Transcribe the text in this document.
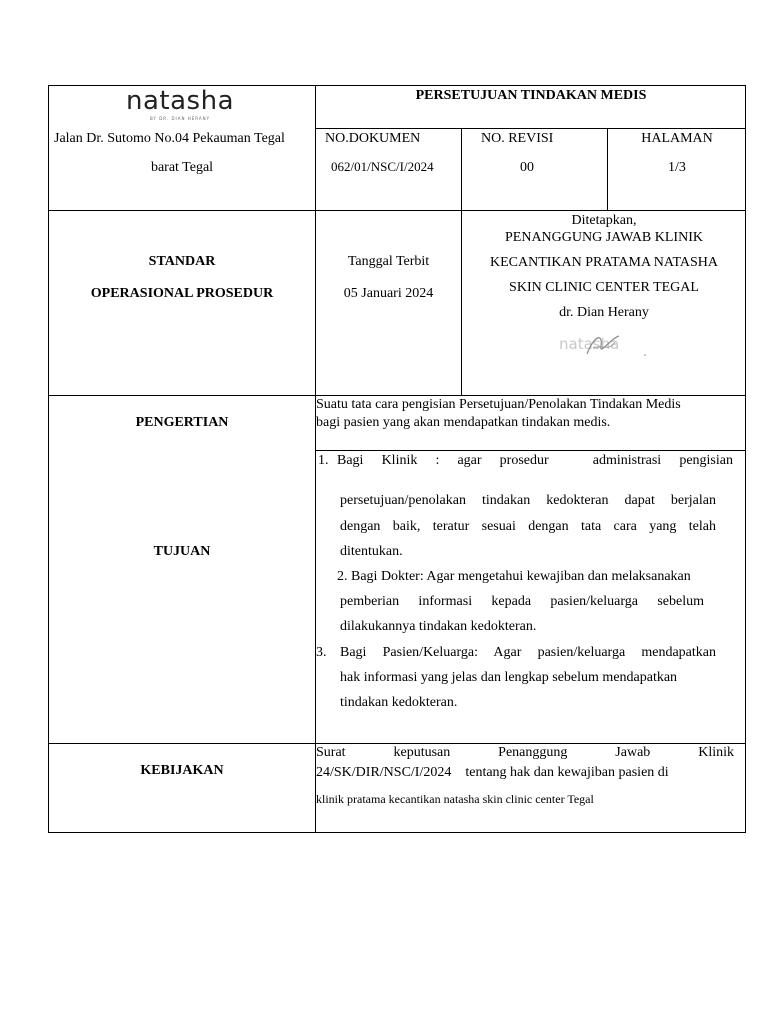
natasha
BY DR. DIAN HERANY
Jalan Dr. Sutomo No.04 Pekauman Tegal
barat Tegal
PERSETUJUAN TINDAKAN MEDIS
NO.DOKUMEN
062/01/NSC/I/2024
NO. REVISI
00
HALAMAN
1/3
STANDAR
OPERASIONAL PROSEDUR
Tanggal Terbit
05 Januari 2024
Ditetapkan,
PENANGGUNG JAWAB KLINIK
KECANTIKAN PRATAMA NATASHA
SKIN CLINIC CENTER TEGAL
dr. Dian Herany
natasha
PENGERTIAN
Suatu tata cara pengisian Persetujuan/Penolakan Tindakan Medis
bagi pasien yang akan mendapatkan tindakan medis.
TUJUAN
1. Bagi Klinik : agar prosedur	administrasi pengisian
persetujuan/penolakan tindakan kedokteran dapat berjalan
dengan baik, teratur sesuai dengan tata cara yang telah
ditentukan.
2. Bagi Dokter: Agar mengetahui kewajiban dan melaksanakan
pemberian informasi kepada pasien/keluarga sebelum
dilakukannya tindakan kedokteran.
3. Bagi Pasien/Keluarga: Agar pasien/keluarga mendapatkan
hak informasi yang jelas dan lengkap sebelum mendapatkan
tindakan kedokteran.
KEBIJAKAN
Surat keputusan Penanggung Jawab Klinik
24/SK/DIR/NSC/I/2024    tentang hak dan kewajiban pasien di
klinik pratama kecantikan natasha skin clinic center Tegal
